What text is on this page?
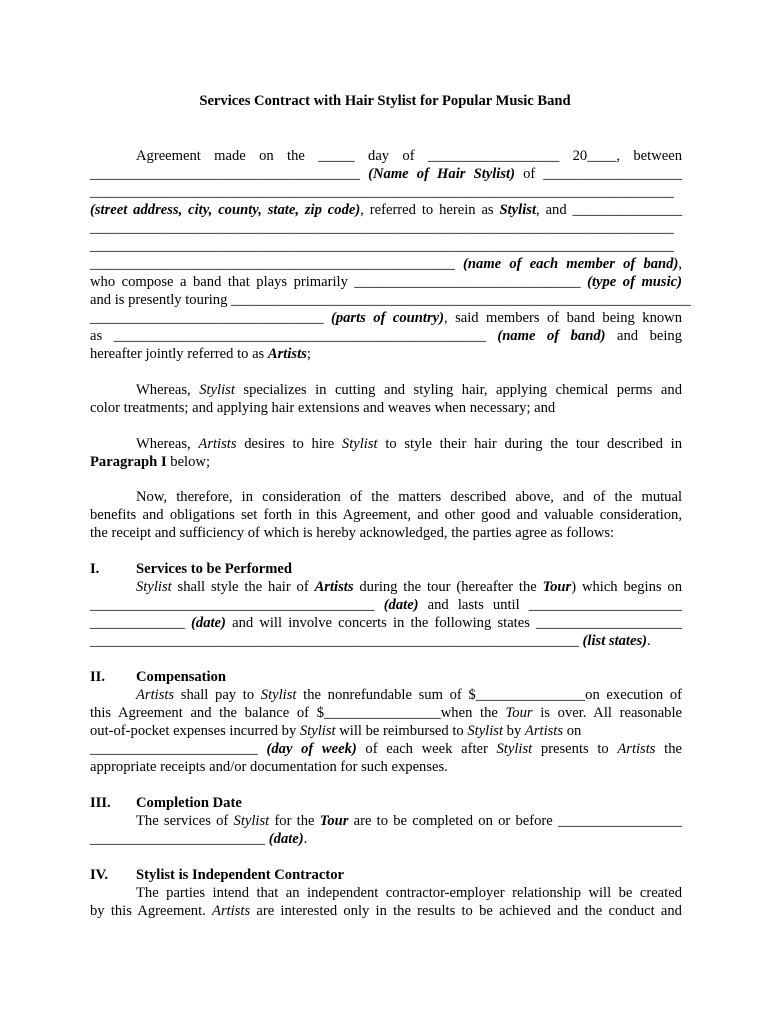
Services Contract with Hair Stylist for Popular Music Band
Agreement made on the _____ day of __________________ 20____, between
_____________________________________ (Name of Hair Stylist) of ___________________
________________________________________________________________________________
(street address, city, county, state, zip code), referred to herein as Stylist, and _______________
________________________________________________________________________________
________________________________________________________________________________
__________________________________________________ (name of each member of band),
who compose a band that plays primarily _______________________________ (type of music)
and is presently touring _______________________________________________________________
________________________________ (parts of country), said members of band being known
as ___________________________________________________ (name of band) and being
hereafter jointly referred to as Artists;
Whereas, Stylist specializes in cutting and styling hair, applying chemical perms and
color treatments; and applying hair extensions and weaves when necessary; and
Whereas, Artists desires to hire Stylist to style their hair during the tour described in
Paragraph I below;
Now, therefore, in consideration of the matters described above, and of the mutual
benefits and obligations set forth in this Agreement, and other good and valuable consideration,
the receipt and sufficiency of which is hereby acknowledged, the parties agree as follows:
I.	Services to be Performed
Stylist shall style the hair of Artists during the tour (hereafter the Tour) which begins on
_______________________________________ (date) and lasts until _____________________
_____________ (date) and will involve concerts in the following states ____________________
___________________________________________________________________ (list states).
II. Compensation
Artists shall pay to Stylist the nonrefundable sum of $_______________on execution of
this Agreement and the balance of $________________when the Tour is over. All reasonable
out-of-pocket expenses incurred by Stylist will be reimbursed to Stylist by Artists on
_______________________ (day of week) of each week after Stylist presents to Artists the
appropriate receipts and/or documentation for such expenses.
III. Completion Date
The services of Stylist for the Tour are to be completed on or before _________________
________________________ (date).
IV. Stylist is Independent Contractor
The parties intend that an independent contractor-employer relationship will be created
by this Agreement. Artists are interested only in the results to be achieved and the conduct and
